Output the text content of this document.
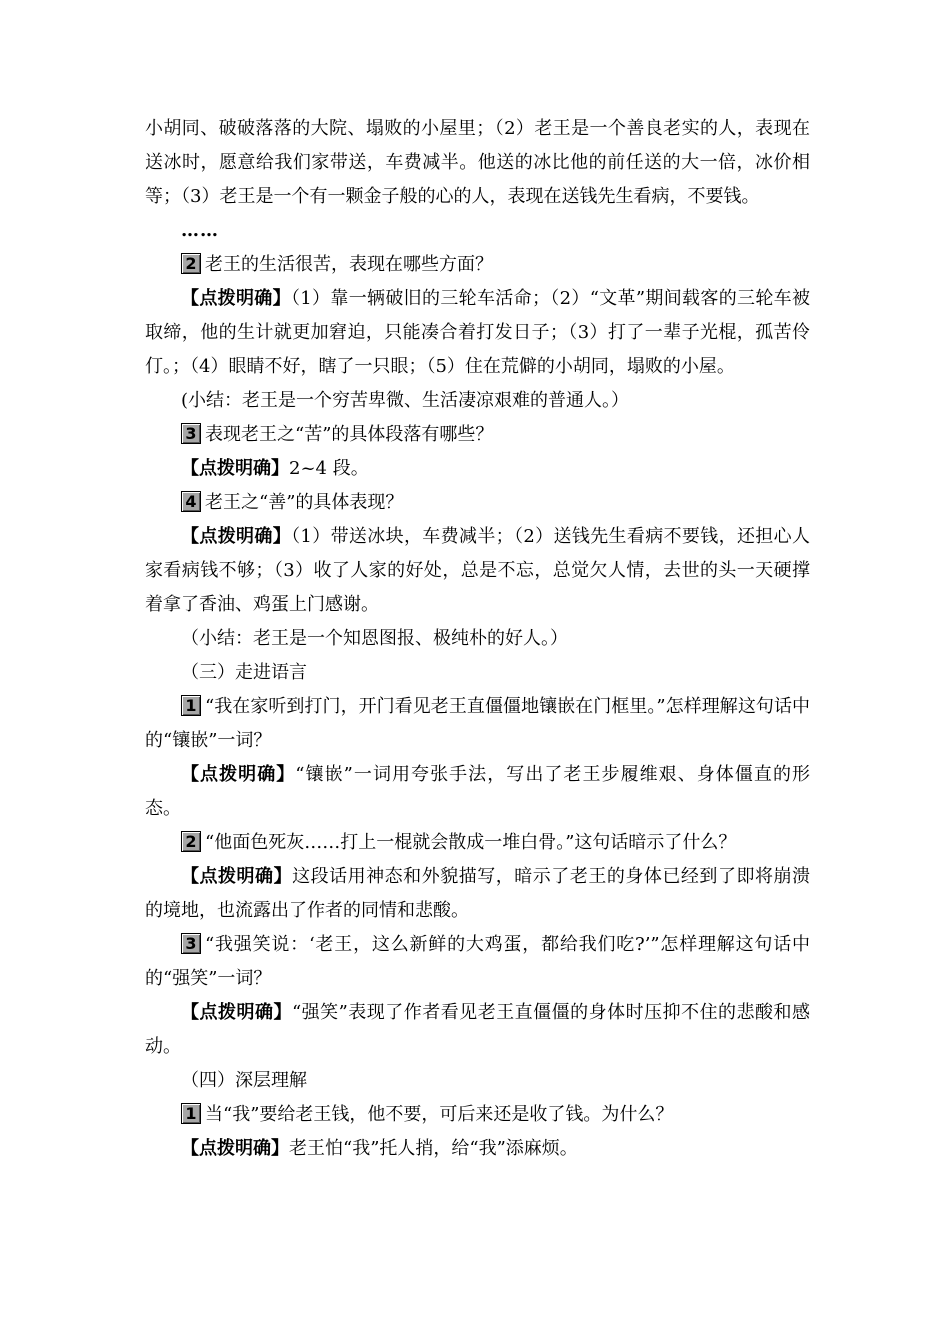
小胡同、破破落落的大院、塌败的小屋里；（2）老王是一个善良老实的人，表现在送冰时，愿意给我们家带送，车费减半。他送的冰比他的前任送的大一倍，冰价相等；（3）老王是一个有一颗金子般的心的人，表现在送钱先生看病，不要钱。

……

2 老王的生活很苦，表现在哪些方面？

【点拨明确】（1）靠一辆破旧的三轮车活命；（2）“文革”期间载客的三轮车被取缔，他的生计就更加窘迫，只能凑合着打发日子；（3）打了一辈子光棍，孤苦伶仃。；（4）眼睛不好，瞎了一只眼；（5）住在荒僻的小胡同，塌败的小屋。

(小结：老王是一个穷苦卑微、生活凄凉艰难的普通人。）

3 表现老王之“苦”的具体段落有哪些？

【点拨明确】2~4 段。

4 老王之“善”的具体表现？

【点拨明确】（1）带送冰块，车费减半；（2）送钱先生看病不要钱，还担心人家看病钱不够；（3）收了人家的好处，总是不忘，总觉欠人情，去世的头一天硬撑着拿了香油、鸡蛋上门感谢。

（小结：老王是一个知恩图报、极纯朴的好人。）

（三）走进语言

1 “我在家听到打门，开门看见老王直僵僵地镶嵌在门框里。”怎样理解这句话中的“镶嵌”一词？

【点拨明确】“镶嵌”一词用夸张手法，写出了老王步履维艰、身体僵直的形态。

2 “他面色死灰……打上一棍就会散成一堆白骨。”这句话暗示了什么？

【点拨明确】这段话用神态和外貌描写，暗示了老王的身体已经到了即将崩溃的境地，也流露出了作者的同情和悲酸。

3 “我强笑说：‘老王，这么新鲜的大鸡蛋，都给我们吃?’”怎样理解这句话中的“强笑”一词？

【点拨明确】“强笑”表现了作者看见老王直僵僵的身体时压抑不住的悲酸和感动。

（四）深层理解

1 当“我”要给老王钱，他不要，可后来还是收了钱。为什么？

【点拨明确】老王怕“我”托人捎，给“我”添麻烦。
